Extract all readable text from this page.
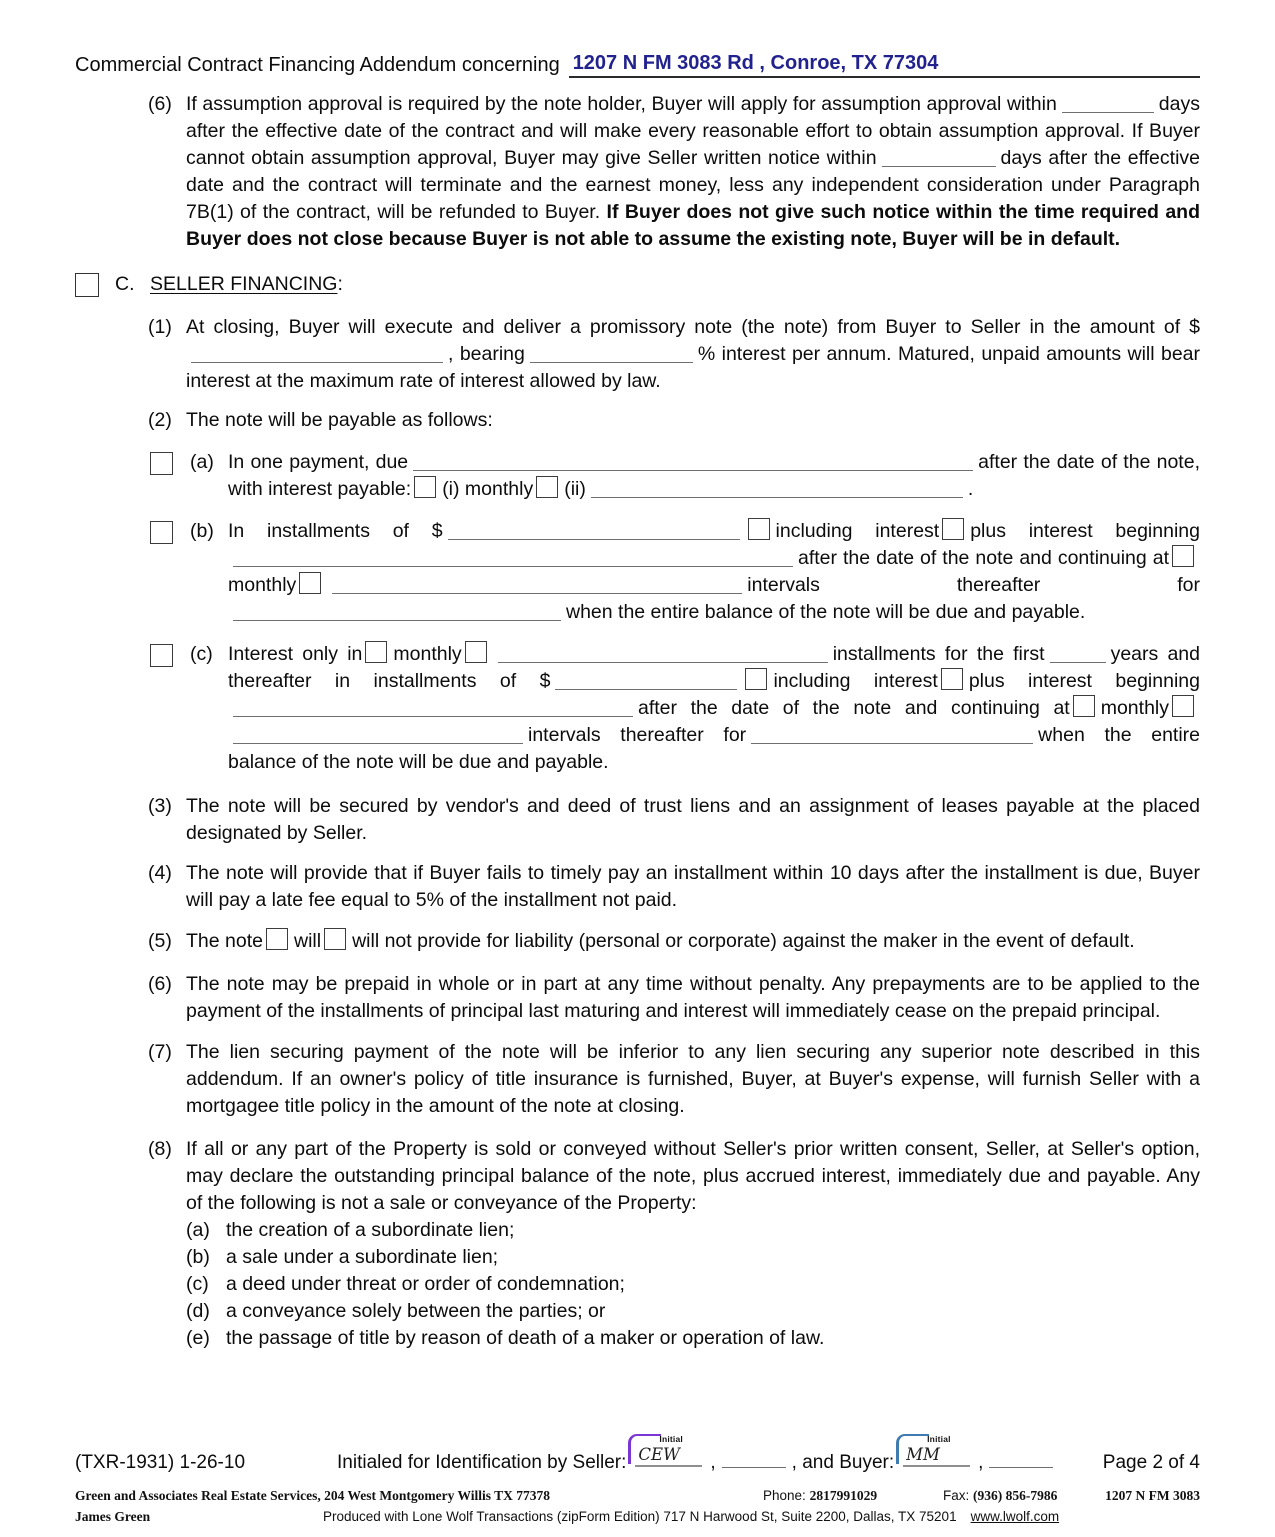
Commercial Contract Financing Addendum concerning 1207 N FM 3083 Rd , Conroe, TX 77304
(6) If assumption approval is required by the note holder, Buyer will apply for assumption approval within	days after the effective date of the contract and will make every reasonable effort to obtain assumption approval. If Buyer cannot obtain assumption approval, Buyer may give Seller written notice within	days after the effective date and the contract will terminate and the earnest money, less any independent consideration under Paragraph 7B(1) of the contract, will be refunded to Buyer. If Buyer does not give such notice within the time required and Buyer does not close because Buyer is not able to assume the existing note, Buyer will be in default.
C. SELLER FINANCING :
(1) At closing, Buyer will execute and deliver a promissory note (the note) from Buyer to Seller in the amount of $, bearing	% interest per annum. Matured, unpaid amounts will bear interest at the maximum rate of interest allowed by law.
(2) The note will be payable as follows:
(a) In one payment, due	after the date of the note, with interest payable: (i) monthly (ii)	.
(b) In installments of $	including interest plus interest beginningafter the date of the note and continuing atmonthly	intervals thereafter forwhen the entire balance of the note will be due and payable.
(c) Interest only in monthly	installments for the first	years and thereafter in installments of $	including interest plus interest beginningafter the date of the note and continuing at monthlyintervals thereafter for	when the entire balance of the note will be due and payable.
(3) The note will be secured by vendor's and deed of trust liens and an assignment of leases payable at the placed designated by Seller.
(4) The note will provide that if Buyer fails to timely pay an installment within 10 days after the installment is due, Buyer will pay a late fee equal to 5% of the installment not paid.
(5) The note will will not provide for liability (personal or corporate) against the maker in the event of default.
(6) The note may be prepaid in whole or in part at any time without penalty. Any prepayments are to be applied to the payment of the installments of principal last maturing and interest will immediately cease on the prepaid principal.
(7) The lien securing payment of the note will be inferior to any lien securing any superior note described in this addendum. If an owner's policy of title insurance is furnished, Buyer, at Buyer's expense, will furnish Seller with a mortgagee title policy in the amount of the note at closing.
(8) If all or any part of the Property is sold or conveyed without Seller's prior written consent, Seller, at Seller's option, may declare the outstanding principal balance of the note, plus accrued interest, immediately due and payable. Any of the following is not a sale or conveyance of the Property:
(a) the creation of a subordinate lien;
(b) a sale under a subordinate lien;
(c) a deed under threat or order of condemnation;
(d) a conveyance solely between the parties; or
(e) the passage of title by reason of death of a maker or operation of law.
(TXR-1931) 1-26-10	Initialed for Identification by Seller:
Initial
CEW	,	, and Buyer:
Initial
MM	,	Page 2 of 4
Green and Associates Real Estate Services, 204 West Montgomery Willis TX 77378	Phone: 2817991029	Fax: (936) 856-7986	1207 N FM 3083
James Green	Produced with Lone Wolf Transactions (zipForm Edition) 717 N Harwood St, Suite 2200, Dallas, TX 75201 www.lwolf.com
